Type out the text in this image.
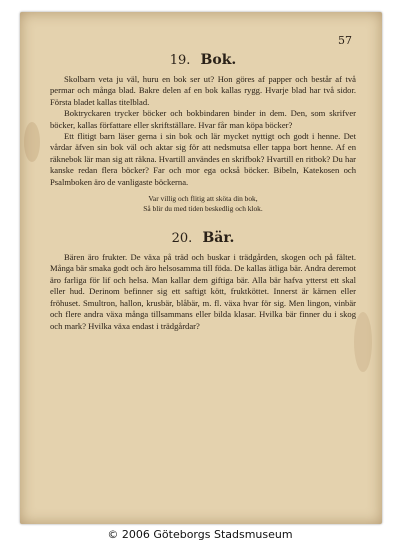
57
19. Bok.

Skolbarn veta ju väl, huru en bok ser ut? Hon göres af papper och består af två permar och många blad. Bakre delen af en bok kallas rygg. Hvarje blad har två sidor. Första bladet kallas titelblad.

Boktryckaren trycker böcker och bokbindaren binder in dem. Den, som skrifver böcker, kallas författare eller skriftställare. Hvar får man köpa böcker?

Ett flitigt barn läser gerna i sin bok och lär mycket nyttigt och godt i henne. Det vårdar äfven sin bok väl och aktar sig för att nedsmutsa eller tappa bort henne. Af en räknebok lär man sig att räkna. Hvartill användes en skrifbok? Hvartill en ritbok? Du har kanske redan flera böcker? Far och mor ega också böcker. Bibeln, Katekosen och Psalmboken äro de vanligaste böckerna.

Var villig och flitig att sköta din bok,
Så blir du med tiden beskedlig och klok.
20. Bär.

Bären äro frukter. De växa på träd och buskar i trädgården, skogen och på fältet. Många bär smaka godt och äro helsosamma till föda. De kallas ätliga bär. Andra deremot äro farliga för lif och helsa. Man kallar dem giftiga bär. Alla bär hafva ytterst ett skal eller hud. Derinom befinner sig ett saftigt kött, fruktköttet. Innerst är kärnen eller fröhuset. Smultron, hallon, krusbär, blåbär, m. fl. växa hvar för sig. Men lingon, vinbär och flere andra växa många tillsammans eller bilda klasar. Hvilka bär finner du i skog och mark? Hvilka växa endast i trädgårdar?

© 2006 Göteborgs Stadsmuseum
